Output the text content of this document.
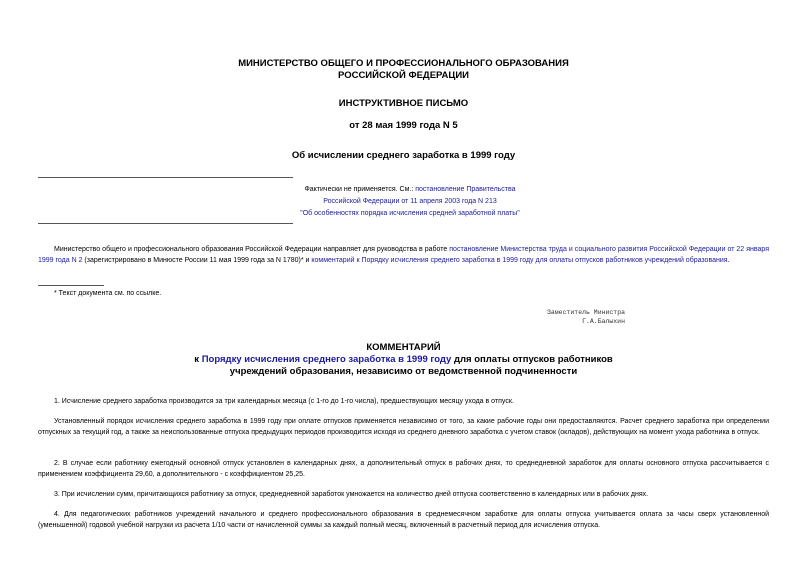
МИНИСТЕРСТВО ОБЩЕГО И ПРОФЕССИОНАЛЬНОГО ОБРАЗОВАНИЯ
РОССИЙСКОЙ ФЕДЕРАЦИИ
ИНСТРУКТИВНОЕ ПИСЬМО
от 28 мая 1999 года N 5
Об исчислении среднего заработка в 1999 году
Фактически не применяется. См.: постановление Правительства
Российской Федерации от 11 апреля 2003 года N 213
"Об особенностях порядка исчисления средней заработной платы"
Министерство общего и профессионального образования Российской Федерации направляет для руководства в работе постановление Министерства труда и социального развития Российской Федерации от 22 января 1999 года N 2 (зарегистрировано в Минюсте России 11 мая 1999 года за N 1780)* и комментарий к Порядку исчисления среднего заработка в 1999 году для оплаты отпусков работников учреждений образования.
* Текст документа см. по ссылке.
Заместитель Министра
Г.А.Балыхин
КОММЕНТАРИЙ
к Порядку исчисления среднего заработка в 1999 году для оплаты отпусков работников
учреждений образования, независимо от ведомственной подчиненности
1. Исчисление среднего заработка производится за три календарных месяца (с 1-го до 1-го числа), предшествующих месяцу ухода в отпуск.
Установленный порядок исчисления среднего заработка в 1999 году при оплате отпусков применяется независимо от того, за какие рабочие годы они предоставляются. Расчет среднего заработка при определении отпускных за текущий год, а также за неиспользованные отпуска предыдущих периодов производится исходя из среднего дневного заработка с учетом ставок (окладов), действующих на момент ухода работника в отпуск.
2. В случае если работнику ежегодный основной отпуск установлен в календарных днях, а дополнительный отпуск в рабочих днях, то среднедневной заработок для оплаты основного отпуска рассчитывается с применением коэффициента 29,60, а дополнительного - с коэффициентом 25,25.
3. При исчислении сумм, причитающихся работнику за отпуск, среднедневной заработок умножается на количество дней отпуска соответственно в календарных или в рабочих днях.
4. Для педагогических работников учреждений начального и среднего профессионального образования в среднемесячном заработке для оплаты отпуска учитывается оплата за часы сверх установленной (уменьшенной) годовой учебной нагрузки из расчета 1/10 части от начисленной суммы за каждый полный месяц, включенный в расчетный период для исчисления отпуска.
